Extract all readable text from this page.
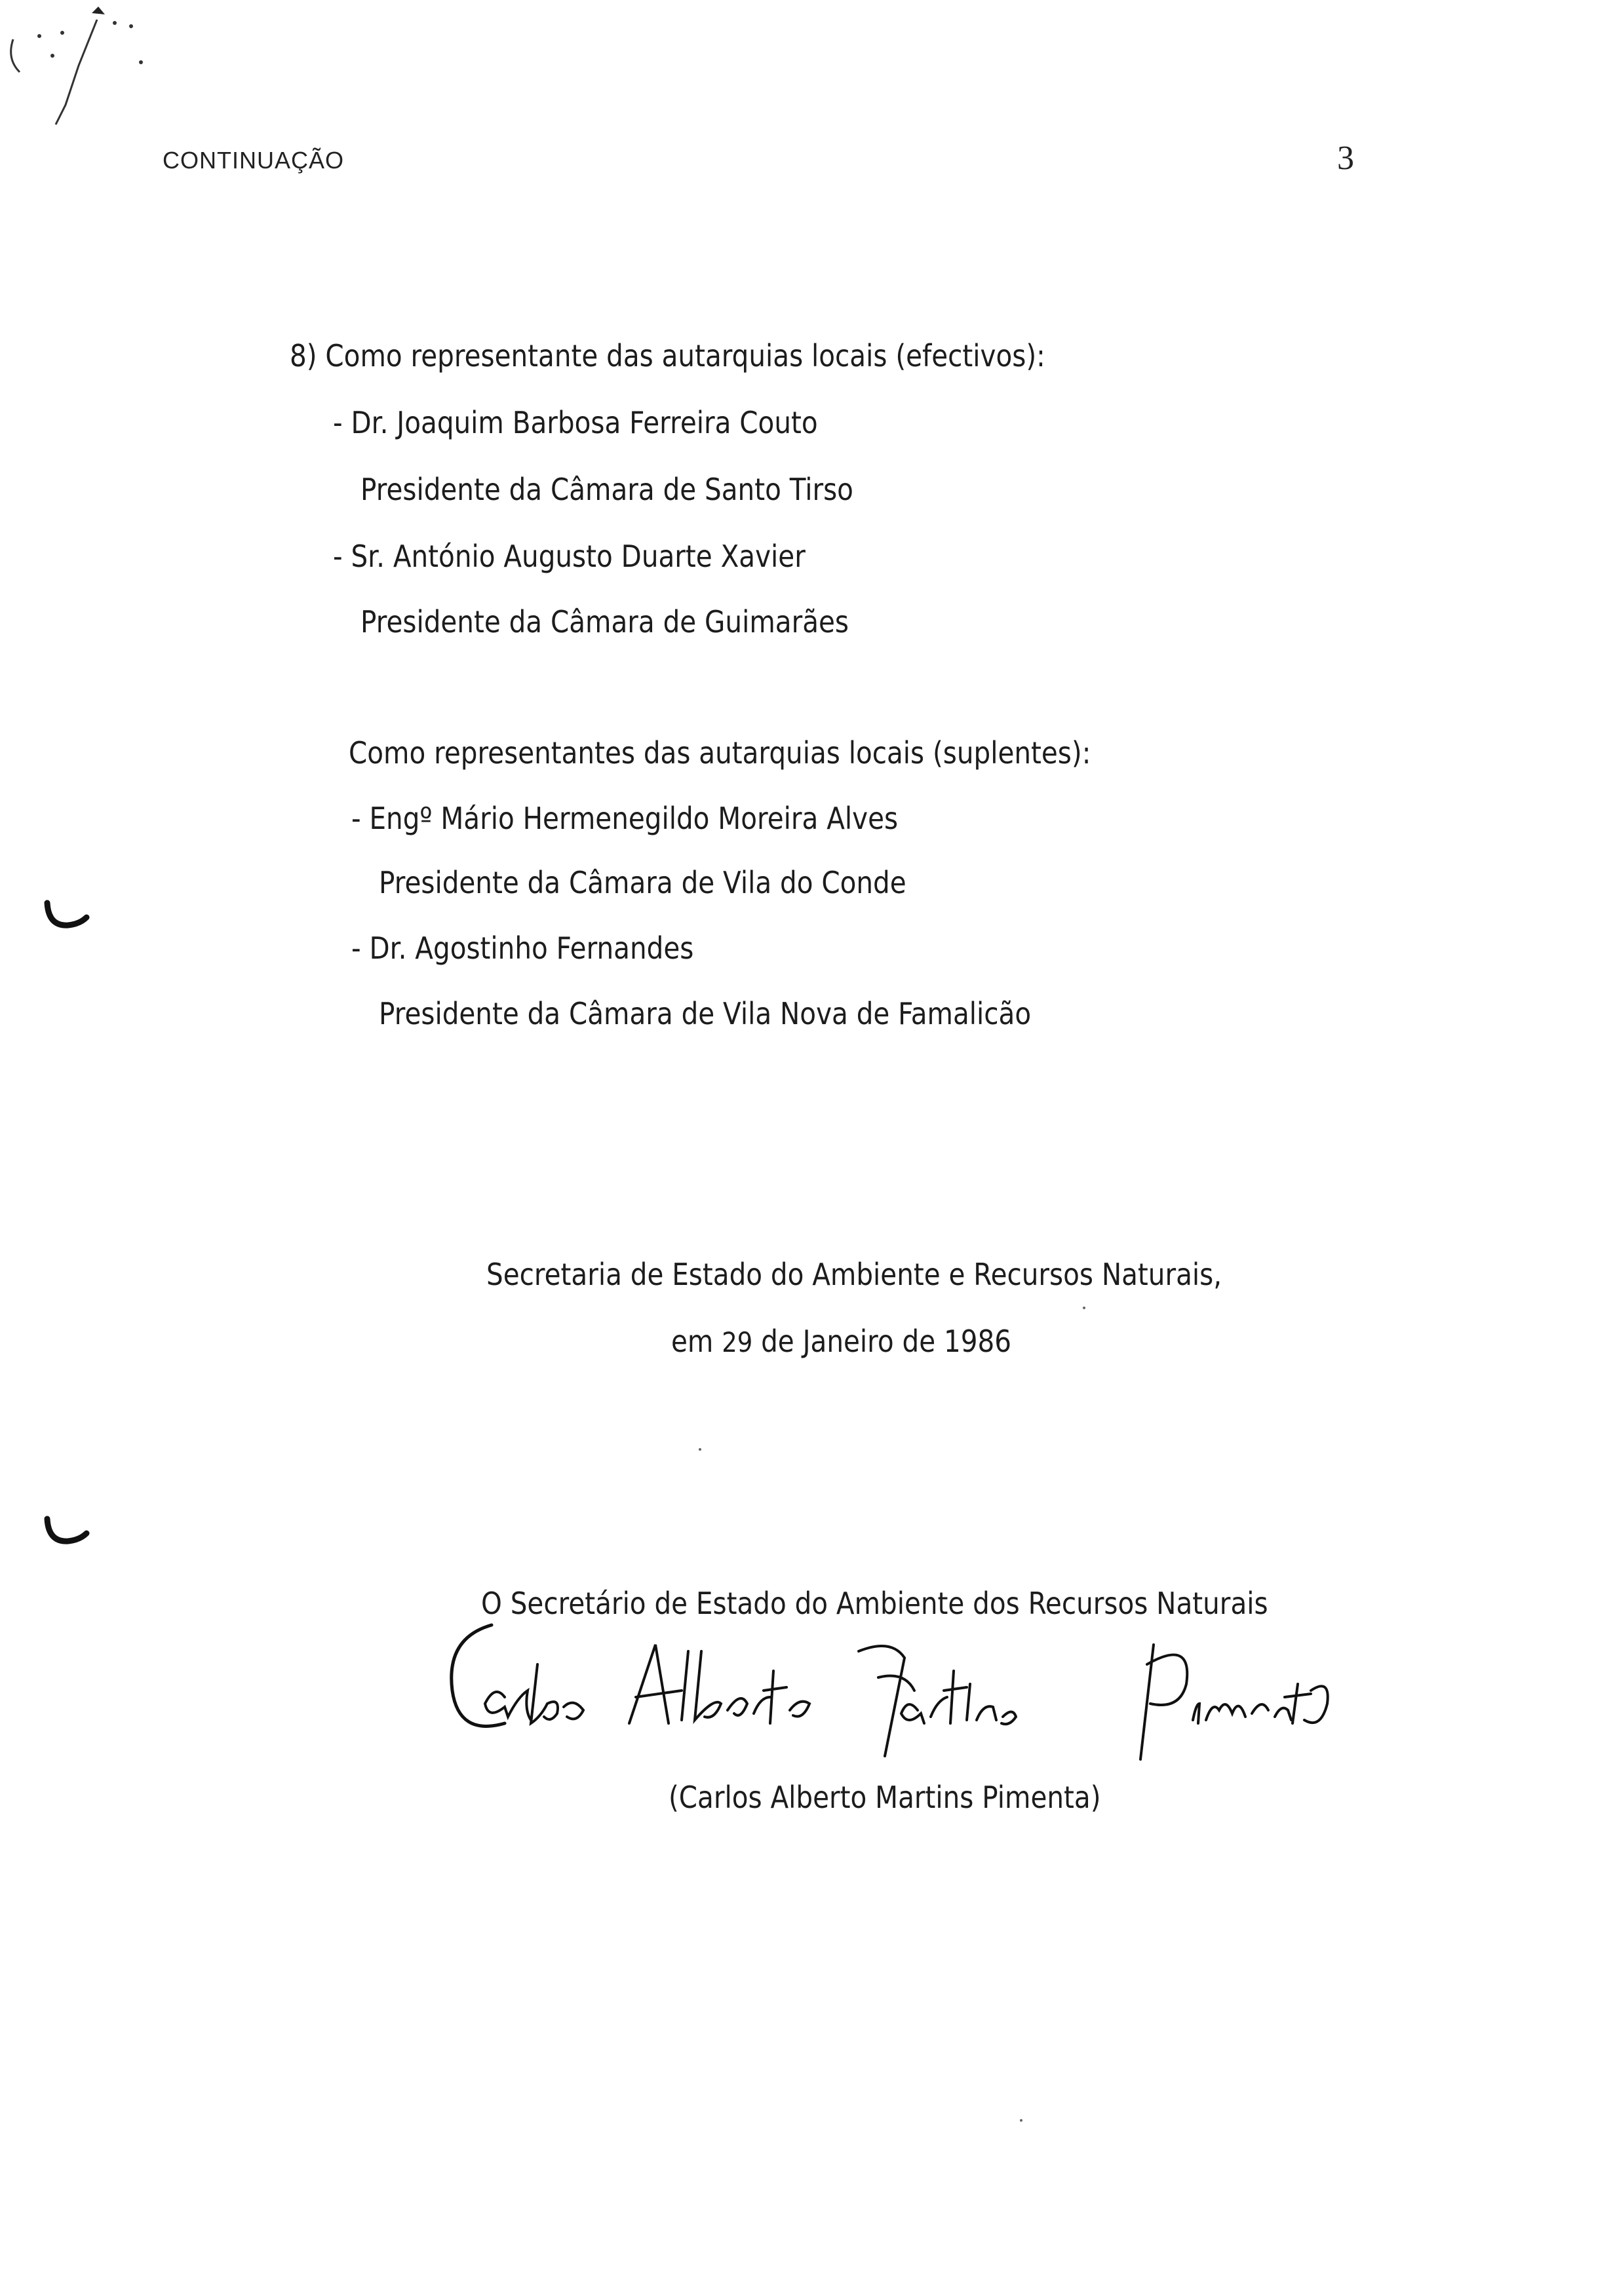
CONTINUAÇÃO	3
8) Como representante das autarquias locais (efectivos):
- Dr. Joaquim Barbosa Ferreira Couto
Presidente da Câmara de Santo Tirso
- Sr. António Augusto Duarte Xavier
Presidente da Câmara de Guimarães
Como representantes das autarquias locais (suplentes):
- Engº Mário Hermenegildo Moreira Alves
Presidente da Câmara de Vila do Conde
- Dr. Agostinho Fernandes
Presidente da Câmara de Vila Nova de Famalicão
Secretaria de Estado do Ambiente e Recursos Naturais,
em 29 de Janeiro de 1986
O Secretário de Estado do Ambiente dos Recursos Naturais
(Carlos Alberto Martins Pimenta)
